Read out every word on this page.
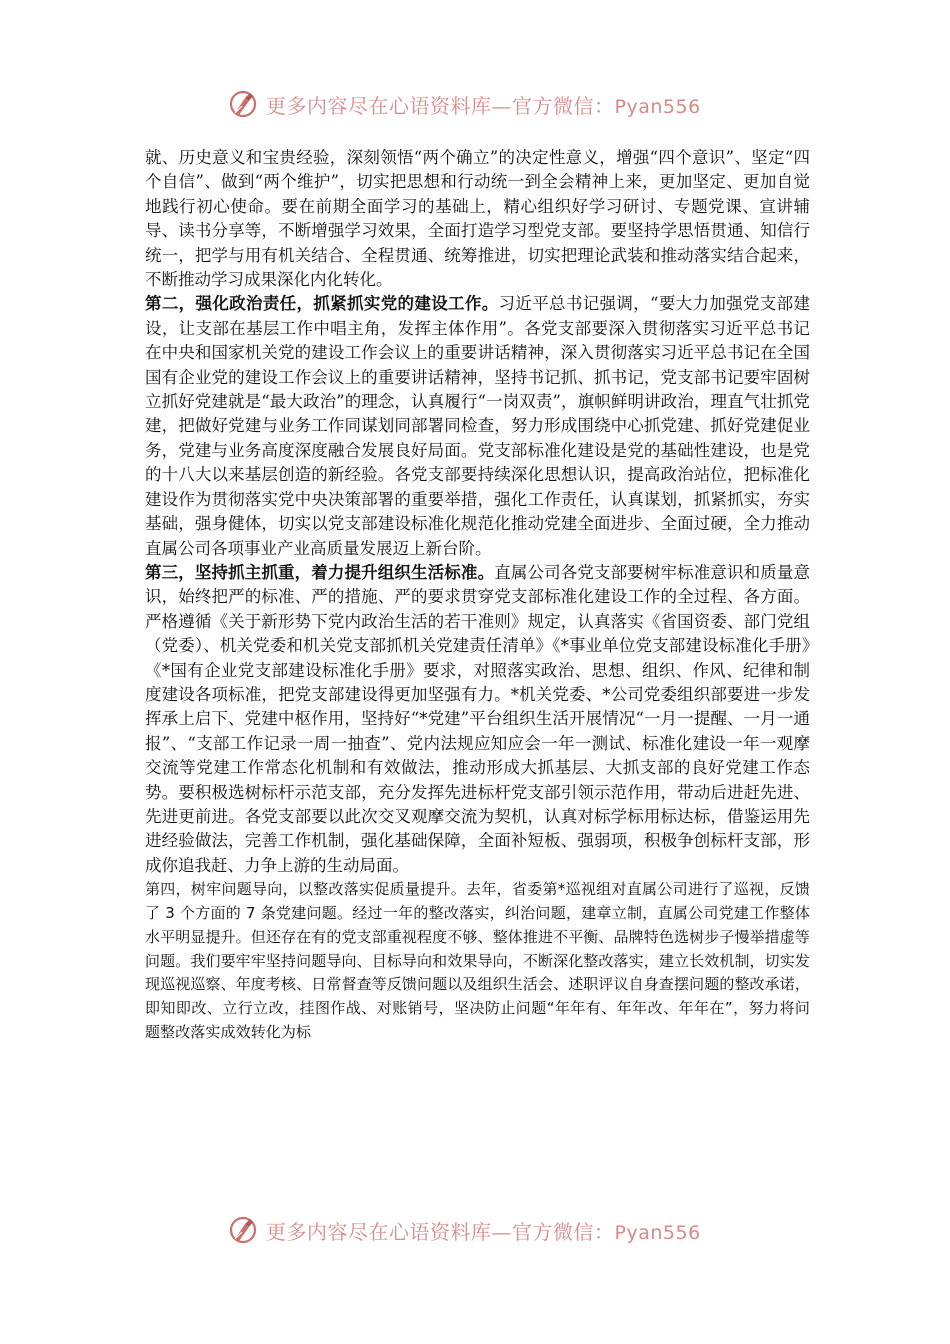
更多内容尽在心语资料库—官方微信：Pyan556

就、历史意义和宝贵经验，深刻领悟“两个确立”的决定性意义，增强“四个意识”、坚定“四个自信”、做到“两个维护”，切实把思想和行动统一到全会精神上来，更加坚定、更加自觉地践行初心使命。要在前期全面学习的基础上，精心组织好学习研讨、专题党课、宣讲辅导、读书分享等，不断增强学习效果，全面打造学习型党支部。要坚持学思悟贯通、知信行统一，把学与用有机关结合、全程贯通、统筹推进，切实把理论武装和推动落实结合起来，不断推动学习成果深化内化转化。

第二，强化政治责任，抓紧抓实党的建设工作。习近平总书记强调，“要大力加强党支部建设，让支部在基层工作中唱主角，发挥主体作用”。各党支部要深入贯彻落实习近平总书记在中央和国家机关党的建设工作会议上的重要讲话精神，深入贯彻落实习近平总书记在全国国有企业党的建设工作会议上的重要讲话精神，坚持书记抓、抓书记，党支部书记要牢固树立抓好党建就是“最大政治”的理念，认真履行“一岗双责”，旗帜鲜明讲政治，理直气壮抓党建，把做好党建与业务工作同谋划同部署同检查，努力形成围绕中心抓党建、抓好党建促业务，党建与业务高度深度融合发展良好局面。党支部标准化建设是党的基础性建设，也是党的十八大以来基层创造的新经验。各党支部要持续深化思想认识，提高政治站位，把标准化建设作为贯彻落实党中央决策部署的重要举措，强化工作责任，认真谋划，抓紧抓实，夯实基础，强身健体，切实以党支部建设标准化规范化推动党建全面进步、全面过硬，全力推动直属公司各项事业产业高质量发展迈上新台阶。

第三，坚持抓主抓重，着力提升组织生活标准。直属公司各党支部要树牢标准意识和质量意识，始终把严的标准、严的措施、严的要求贯穿党支部标准化建设工作的全过程、各方面。严格遵循《关于新形势下党内政治生活的若干准则》规定，认真落实《省国资委、部门党组（党委）、机关党委和机关党支部抓机关党建责任清单》《*事业单位党支部建设标准化手册》《*国有企业党支部建设标准化手册》要求，对照落实政治、思想、组织、作风、纪律和制度建设各项标准，把党支部建设得更加坚强有力。*机关党委、*公司党委组织部要进一步发挥承上启下、党建中枢作用，坚持好“*党建”平台组织生活开展情况“一月一提醒、一月一通报”、“支部工作记录一周一抽查”、党内法规应知应会一年一测试、标准化建设一年一观摩交流等党建工作常态化机制和有效做法，推动形成大抓基层、大抓支部的良好党建工作态势。要积极选树标杆示范支部，充分发挥先进标杆党支部引领示范作用，带动后进赶先进、先进更前进。各党支部要以此次交叉观摩交流为契机，认真对标学标用标达标，借鉴运用先进经验做法，完善工作机制，强化基础保障，全面补短板、强弱项，积极争创标杆支部，形成你追我赶、力争上游的生动局面。

第四，树牢问题导向，以整改落实促质量提升。去年，省委第*巡视组对直属公司进行了巡视，反馈了 3 个方面的 7 条党建问题。经过一年的整改落实，纠治问题，建章立制，直属公司党建工作整体水平明显提升。但还存在有的党支部重视程度不够、整体推进不平衡、品牌特色选树步子慢举措虚等问题。我们要牢牢坚持问题导向、目标导向和效果导向，不断深化整改落实，建立长效机制，切实发现巡视巡察、年度考核、日常督查等反馈问题以及组织生活会、述职评议自身查摆问题的整改承诺，即知即改、立行立改，挂图作战、对账销号，坚决防止问题“年年有、年年改、年年在”，努力将问题整改落实成效转化为标

更多内容尽在心语资料库—官方微信：Pyan556
